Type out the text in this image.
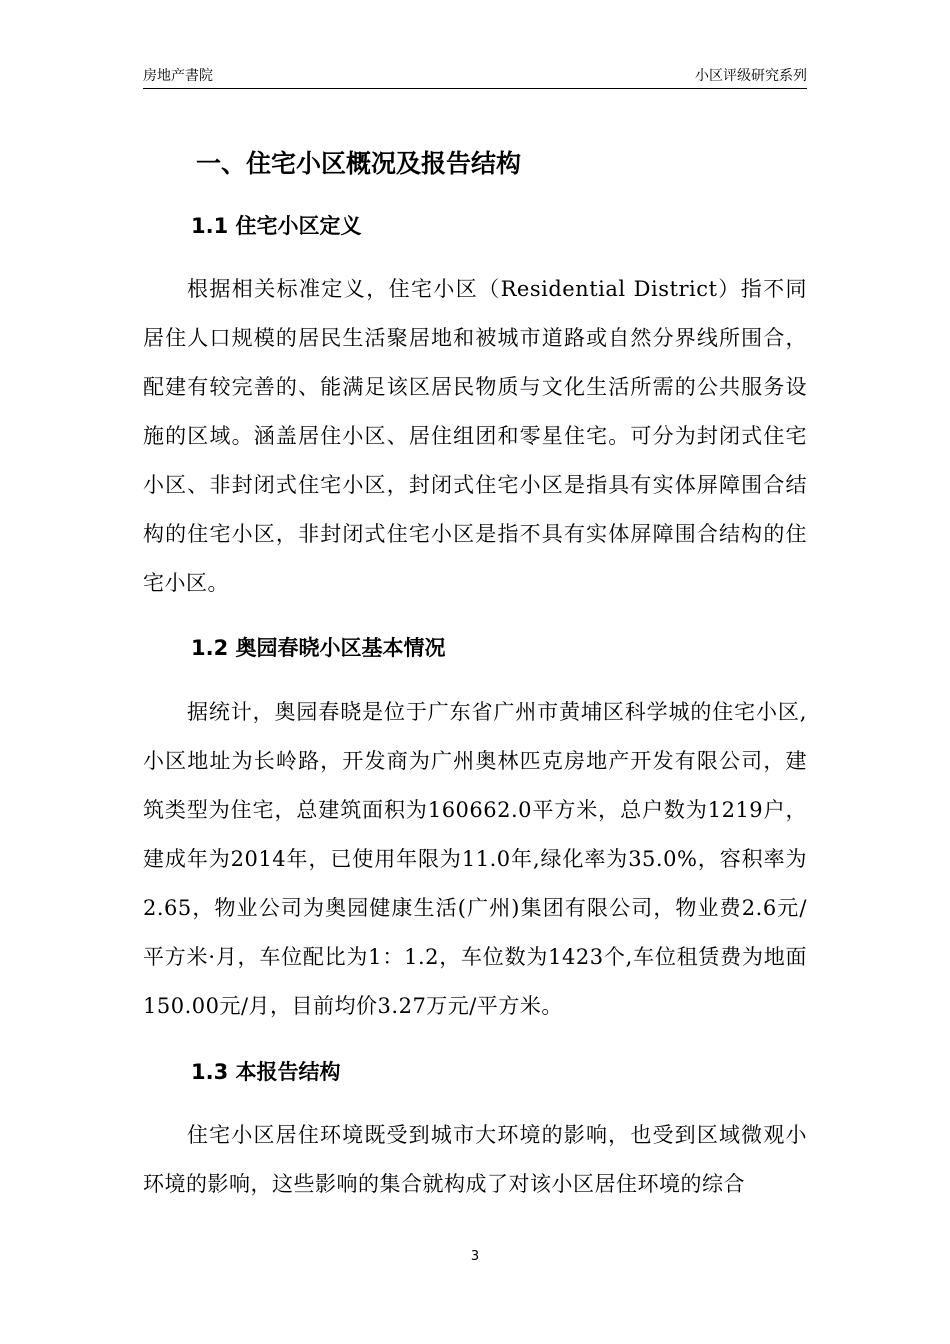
房地产書院	小区评级研究系列
一、住宅小区概况及报告结构
1.1 住宅小区定义
根据相关标准定义，住宅小区（Residential District）指不同居住人口规模的居民生活聚居地和被城市道路或自然分界线所围合，配建有较完善的、能满足该区居民物质与文化生活所需的公共服务设施的区域。涵盖居住小区、居住组团和零星住宅。可分为封闭式住宅小区、非封闭式住宅小区，封闭式住宅小区是指具有实体屏障围合结构的住宅小区，非封闭式住宅小区是指不具有实体屏障围合结构的住宅小区。
1.2 奥园春晓小区基本情况
据统计，奥园春晓是位于广东省广州市黄埔区科学城的住宅小区,小区地址为长岭路，开发商为广州奥林匹克房地产开发有限公司，建筑类型为住宅，总建筑面积为160662.0平方米，总户数为1219户，建成年为2014年，已使用年限为11.0年,绿化率为35.0%，容积率为2.65，物业公司为奥园健康生活(广州)集团有限公司，物业费2.6元/平方米·月，车位配比为1：1.2，车位数为1423个,车位租赁费为地面150.00元/月，目前均价3.27万元/平方米。
1.3 本报告结构
住宅小区居住环境既受到城市大环境的影响，也受到区域微观小环境的影响，这些影响的集合就构成了对该小区居住环境的综合
3
